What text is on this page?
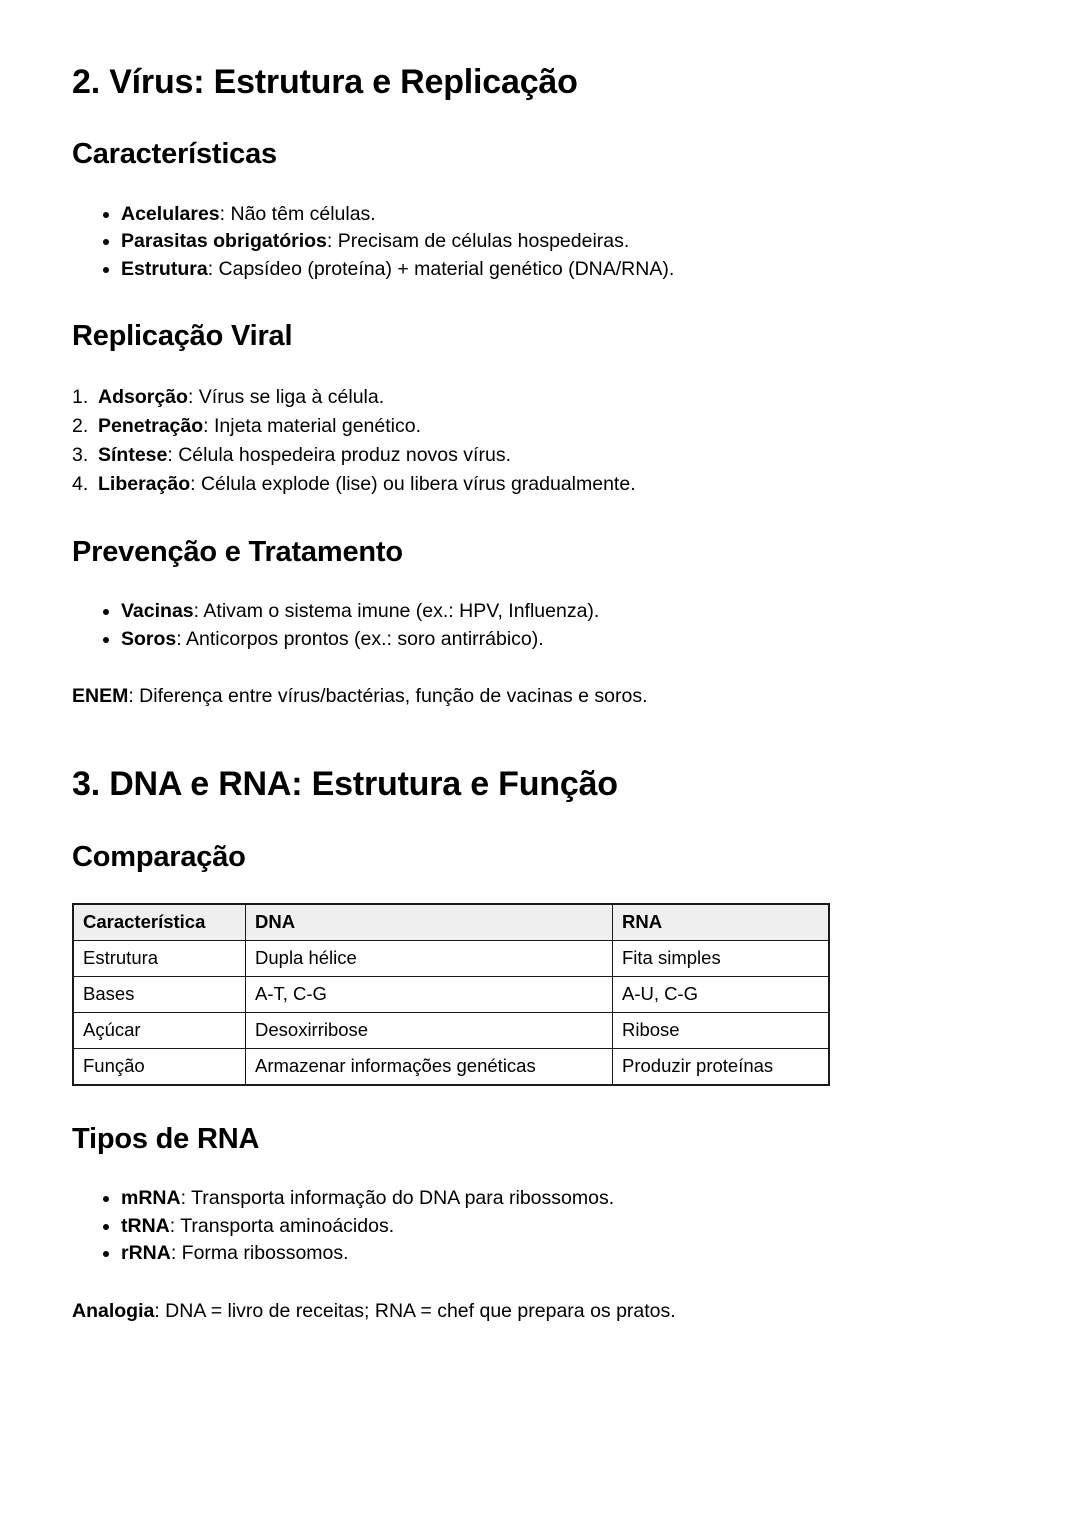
2. Vírus: Estrutura e Replicação
Características
Acelulares: Não têm células.
Parasitas obrigatórios: Precisam de células hospedeiras.
Estrutura: Capsídeo (proteína) + material genético (DNA/RNA).
Replicação Viral
Adsorção: Vírus se liga à célula.
Penetração: Injeta material genético.
Síntese: Célula hospedeira produz novos vírus.
Liberação: Célula explode (lise) ou libera vírus gradualmente.
Prevenção e Tratamento
Vacinas: Ativam o sistema imune (ex.: HPV, Influenza).
Soros: Anticorpos prontos (ex.: soro antirrábico).

ENEM: Diferença entre vírus/bactérias, função de vacinas e soros.

3. DNA e RNA: Estrutura e Função
Comparação
Característica	DNA	RNA
Estrutura	Dupla hélice	Fita simples
Bases	A-T, C-G	A-U, C-G
Açúcar	Desoxirribose	Ribose
Função	Armazenar informações genéticas	Produzir proteínas
Tipos de RNA
mRNA: Transporta informação do DNA para ribossomos.
tRNA: Transporta aminoácidos.
rRNA: Forma ribossomos.

Analogia: DNA = livro de receitas; RNA = chef que prepara os pratos.
